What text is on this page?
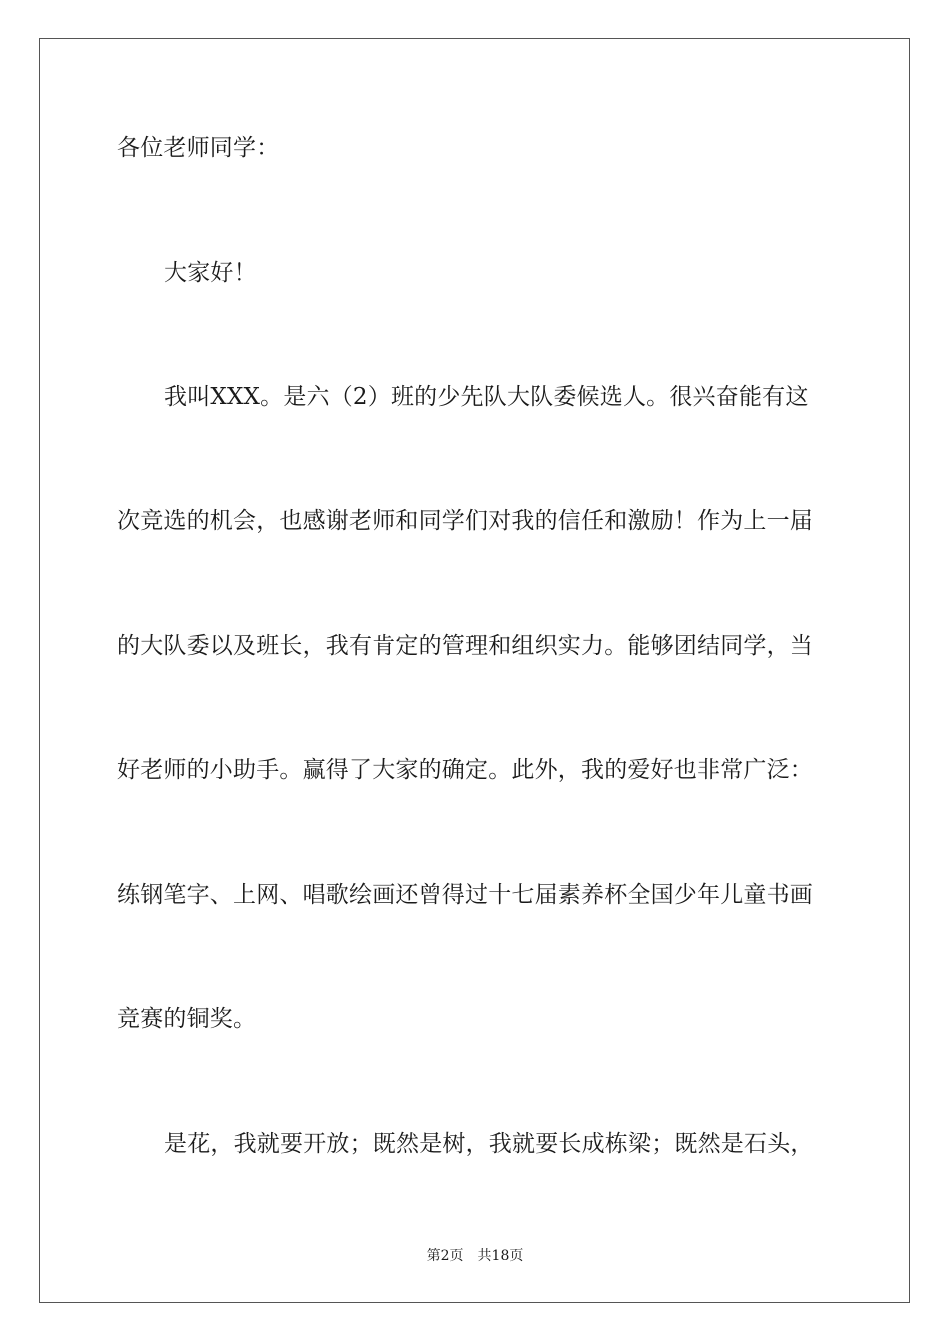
各位老师同学：
大家好！
我叫XXX。是六（2）班的少先队大队委候选人。很兴奋能有这
次竞选的机会，也感谢老师和同学们对我的信任和激励！作为上一届
的大队委以及班长，我有肯定的管理和组织实力。能够团结同学，当
好老师的小助手。赢得了大家的确定。此外，我的爱好也非常广泛：
练钢笔字、上网、唱歌绘画还曾得过十七届素养杯全国少年儿童书画
竞赛的铜奖。
是花，我就要开放；既然是树，我就要长成栋梁；既然是石头，
第2页 共18页
